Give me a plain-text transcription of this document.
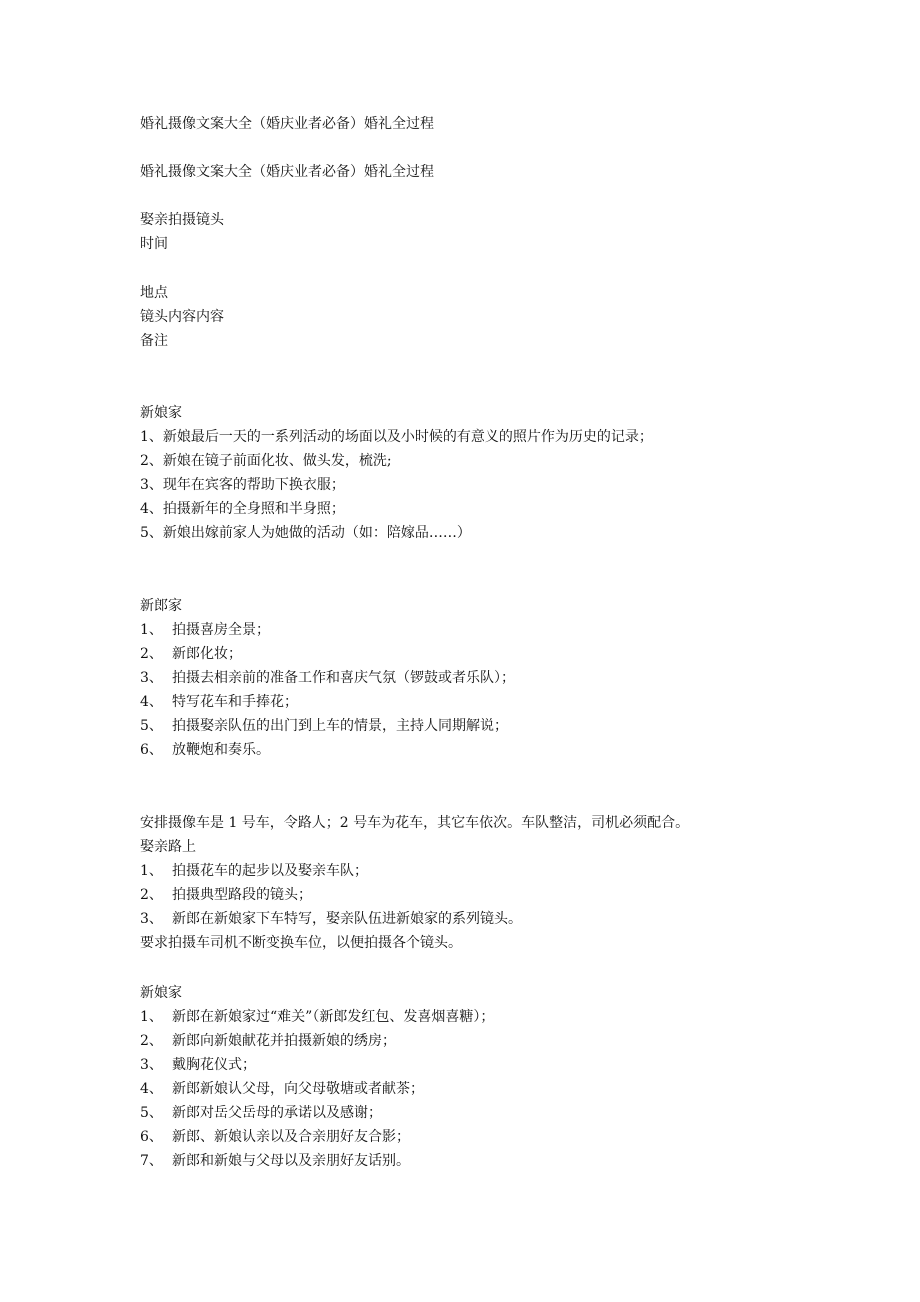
婚礼摄像文案大全（婚庆业者必备）婚礼全过程
婚礼摄像文案大全（婚庆业者必备）婚礼全过程
娶亲拍摄镜头
时间
地点
镜头内容内容
备注
新娘家
1、新娘最后一天的一系列活动的场面以及小时候的有意义的照片作为历史的记录；
2、新娘在镜子前面化妆、做头发，梳洗;
3、现年在宾客的帮助下换衣服；
4、拍摄新年的全身照和半身照；
5、新娘出嫁前家人为她做的活动（如：陪嫁品……）
新郎家
1、 拍摄喜房全景；
2、 新郎化妆；
3、 拍摄去相亲前的准备工作和喜庆气氛（锣鼓或者乐队）；
4、 特写花车和手捧花；
5、 拍摄娶亲队伍的出门到上车的情景，主持人同期解说；
6、 放鞭炮和奏乐。
安排摄像车是 1 号车，令路人；2 号车为花车，其它车依次。车队整洁，司机必须配合。
娶亲路上
1、 拍摄花车的起步以及娶亲车队；
2、 拍摄典型路段的镜头；
3、 新郎在新娘家下车特写，娶亲队伍进新娘家的系列镜头。
要求拍摄车司机不断变换车位，以便拍摄各个镜头。
新娘家
1、 新郎在新娘家过“难关”（新郎发红包、发喜烟喜糖）；
2、 新郎向新娘献花并拍摄新娘的绣房；
3、 戴胸花仪式；
4、 新郎新娘认父母，向父母敬塘或者献茶；
5、 新郎对岳父岳母的承诺以及感谢；
6、 新郎、新娘认亲以及合亲朋好友合影；
7、 新郎和新娘与父母以及亲朋好友话别。
